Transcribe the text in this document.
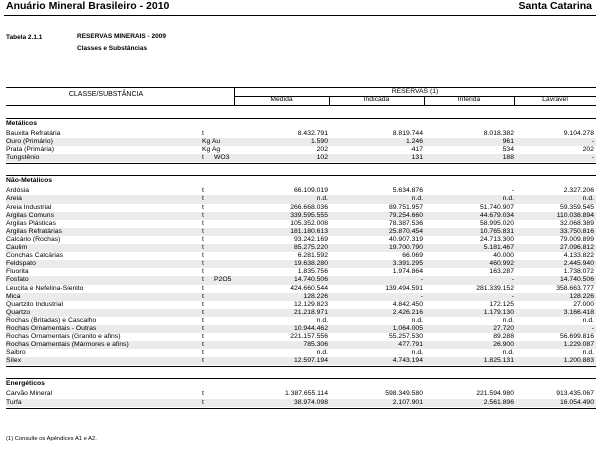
Anuário Mineral Brasileiro - 2010	Santa Catarina
Tabela 2.1.1	RESERVAS MINERAIS - 2009
Classes e Substâncias
CLASSE/SUBSTÂNCIA	RESERVAS (1)
Medida	Indicada	Inferida	Lavrável
Metálicos
Bauxita Refratária	t	8.432.791	8.819.744	8.018.382	9.104.278
Ouro (Primário)	Kg Au	1.590	1.246	961	-
Prata (Primária)	Kg Ag	202	417	534	202
Tungstênio	t WO3	102	131	188	-
Não-Metálicos
Ardósia	t	66.109.019	5.634.876	-	2.327.206
Areia	t	n.d.	n.d.	n.d.	n.d.
Areia Industrial	t	266.668.036	89.751.957	51.740.907	59.359.545
Argilas Comuns	t	339.595.555	79.254.660	44.679.034	110.038.894
Argilas Plásticas	t	105.352.008	78.387.536	58.995.020	32.068.389
Argilas Refratárias	t	181.180.613	25.870.454	10.765.831	33.750.816
Calcário (Rochas)	t	93.242.169	40.907.319	24.713.300	79.009.899
Caulim	t	85.275.220	19.700.790	5.181.467	27.096.812
Conchas Calcárias	t	6.281.592	66.069	40.000	4.133.822
Feldspato	t	19.638.280	3.391.295	460.992	2.445.940
Fluorita	t	1.835.756	1.974.864	163.287	1.738.072
Fosfato	t P2O5	14.740.506	-	-	14.740.506
Leucita e Nefelina-Sienito	t	424.660.544	139.494.591	281.339.152	358.663.777
Mica	t	128.226	-	-	128.226
Quartzito Industrial	t	12.129.823	4.842.450	172.125	27.000
Quartzo	t	21.218.971	2.426.216	1.179.130	3.166.418
Rochas (Britadas) e Cascalho	t	n.d.	n.d.	n.d.	n.d.
Rochas Ornamentais - Outras	t	10.944.462	1.064.005	27.720	-
Rochas Ornamentais (Granito e afins)	t	221.157.556	55.257.530	89.288	56.699.816
Rochas Ornamentais (Mármores e afins)	t	785.306	477.791	26.900	1.229.087
Saibro	t	n.d.	n.d.	n.d.	n.d.
Sílex	t	12.597.194	4.743.194	1.825.131	1.200.883
Energéticos
Carvão Mineral	t	1.387.655.114	598.349.580	221.594.980	913.435.067
Turfa	t	38.974.098	2.107.901	2.561.896	16.054.490
(1) Consulte os Apêndices A1 e A2.
